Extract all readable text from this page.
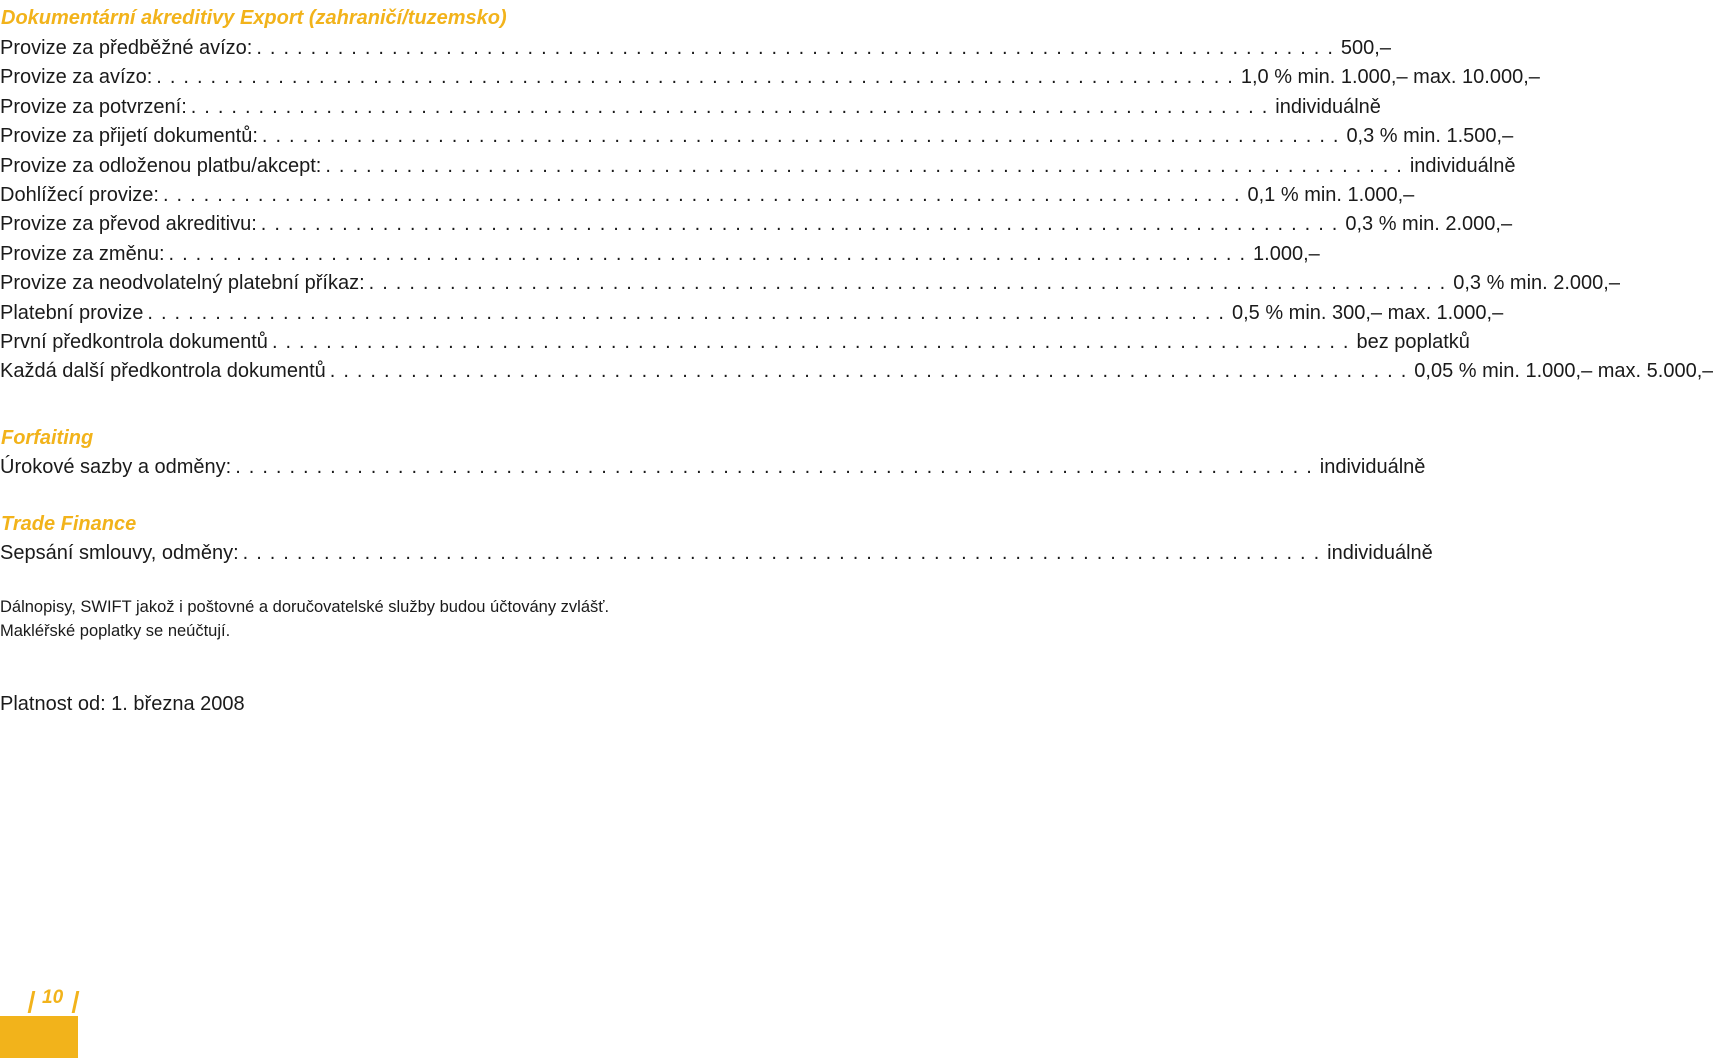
Dokumentární akreditivy Export (zahraničí/tuzemsko)
Provize za předběžné avízo: ................................................................................ 500,–
Provize za avízo: ................................................................................ 1,0 % min. 1.000,– max. 10.000,–
Provize za potvrzení: ................................................................................ individuálně
Provize za přijetí dokumentů: ................................................................................ 0,3 % min. 1.500,–
Provize za odloženou platbu/akcept: ................................................................................ individuálně
Dohlížecí provize: ................................................................................ 0,1 % min. 1.000,–
Provize za převod akreditivu: ................................................................................ 0,3 % min. 2.000,–
Provize za změnu: ................................................................................ 1.000,–
Provize za neodvolatelný platební příkaz: ................................................................................ 0,3 % min. 2.000,–
Platební provize ................................................................................ 0,5 % min. 300,– max. 1.000,–
První předkontrola dokumentů ................................................................................ bez poplatků
Každá další předkontrola dokumentů ................................................................................ 0,05 % min. 1.000,– max. 5.000,–
Forfaiting
Úrokové sazby a odměny: ................................................................................ individuálně
Trade Finance
Sepsání smlouvy, odměny: ................................................................................ individuálně
Dálnopisy, SWIFT jakož i poštovné a doručovatelské služby budou účtovány zvlášť.
Makléřské poplatky se neúčtují.
Platnost od: 1. března 2008
10
